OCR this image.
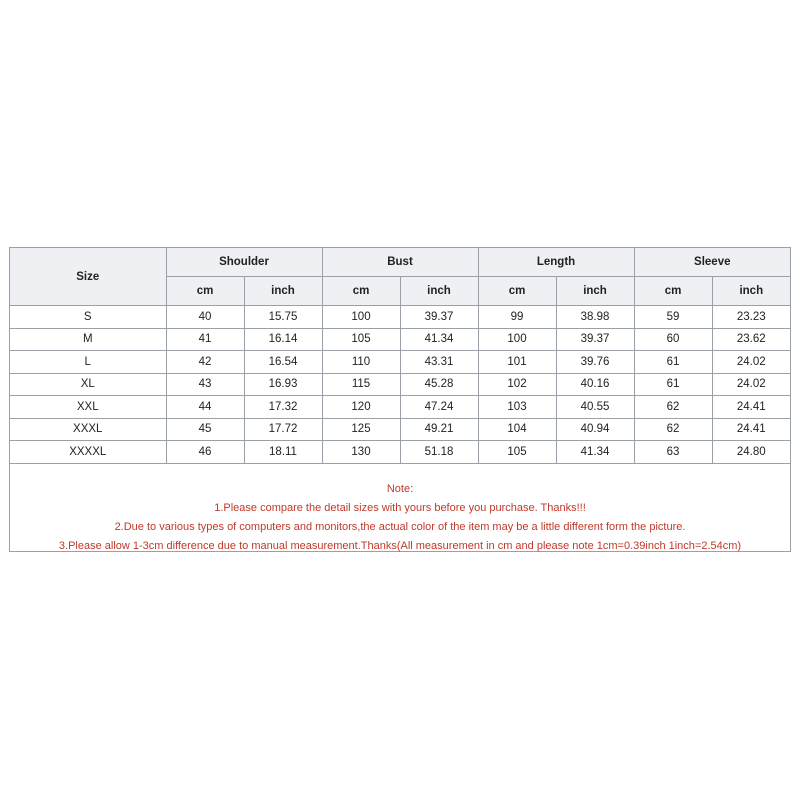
Size	Shoulder		Bust		Length		Sleeve	
	cm	inch	cm	inch	cm	inch	cm	inch
S	40	15.75	100	39.37	99	38.98	59	23.23
M	41	16.14	105	41.34	100	39.37	60	23.62
L	42	16.54	110	43.31	101	39.76	61	24.02
XL	43	16.93	115	45.28	102	40.16	61	24.02
XXL	44	17.32	120	47.24	103	40.55	62	24.41
XXXL	45	17.72	125	49.21	104	40.94	62	24.41
XXXXL	46	18.11	130	51.18	105	41.34	63	24.80
Note:
1.Please compare the detail sizes with yours before you purchase. Thanks!!!
2.Due to various types of computers and monitors,the actual color of the item may be a little different form the picture.
3.Please allow 1-3cm difference due to manual measurement.Thanks(All measurement in cm and please note 1cm=0.39inch 1inch=2.54cm)
